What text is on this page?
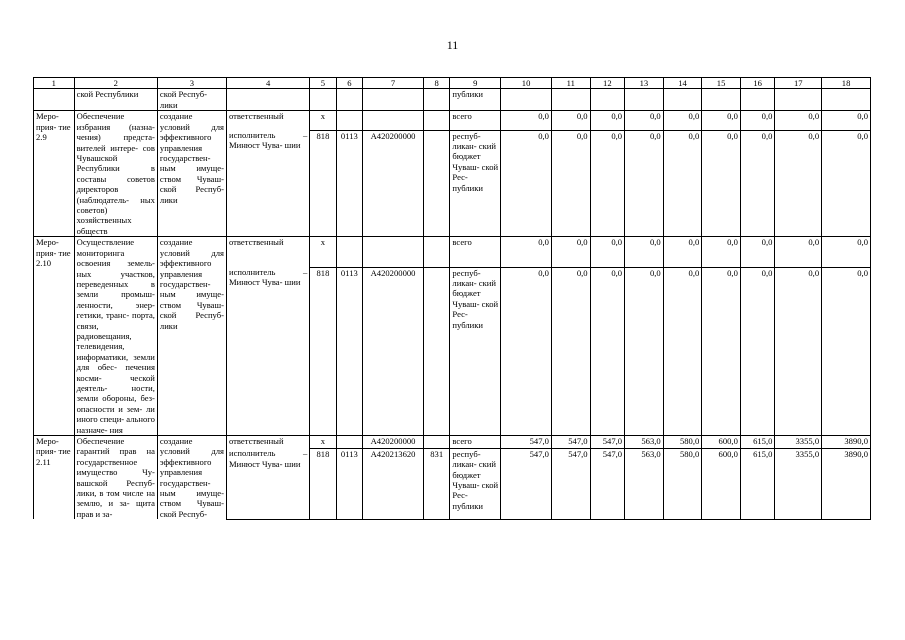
11
1	2	3	4	5	6	7	8	9	10	11	12	13	14	15	16	17	18
	ской Республики	ской Респуб- лики						публики									
Меро- прия- тие 2.9	Обеспечение избрания (назна- чения) предста- вителей интере- сов Чувашской Республики в составы советов директоров (наблюдатель- ных советов) хозяйственных обществ	создание условий для эффективного управления государствен- ным имуще- ством Чуваш- ской Респуб- лики	ответственный	x				всего	0,0	0,0	0,0	0,0	0,0	0,0	0,0	0,0	0,0
			исполнитель – Минюст Чува- шии	818	0113	А420200000		респуб- ликан- ский бюджет Чуваш- ской Рес- публики	0,0	0,0	0,0	0,0	0,0	0,0	0,0	0,0	0,0
Меро- прия- тие 2.10	Осуществление мониторинга освоения земель- ных участков, переведенных в земли промыш- ленности, энер- гетики, транс- порта, связи, радиовещания, телевидения, информатики, земли для обес- печения косми- ческой деятель- ности, земли обороны, без- опасности и зем- ли иного специ- ального назначе- ния	создание условий для эффективного управления государствен- ным имуще- ством Чуваш- ской Респуб- лики	ответственный	x				всего	0,0	0,0	0,0	0,0	0,0	0,0	0,0	0,0	0,0
			исполнитель – Минюст Чува- шии	818	0113	А420200000		респуб- ликан- ский бюджет Чуваш- ской Рес- публики	0,0	0,0	0,0	0,0	0,0	0,0	0,0	0,0	0,0
Меро- прия- тие 2.11	Обеспечение гарантий прав на государственное имущество Чу- вашской Респуб- лики, в том числе на землю, и за- щита прав и за-	создание условий для эффективного управления государствен- ным имуще- ством Чуваш- ской Респуб-	ответственный	x		А420200000		всего	547,0	547,0	547,0	563,0	580,0	600,0	615,0	3355,0	3890,0
			исполнитель – Минюст Чува- шии	818	0113	А420213620	831	респуб- ликан- ский бюджет Чуваш- ской Рес- публики	547,0	547,0	547,0	563,0	580,0	600,0	615,0	3355,0	3890,0
